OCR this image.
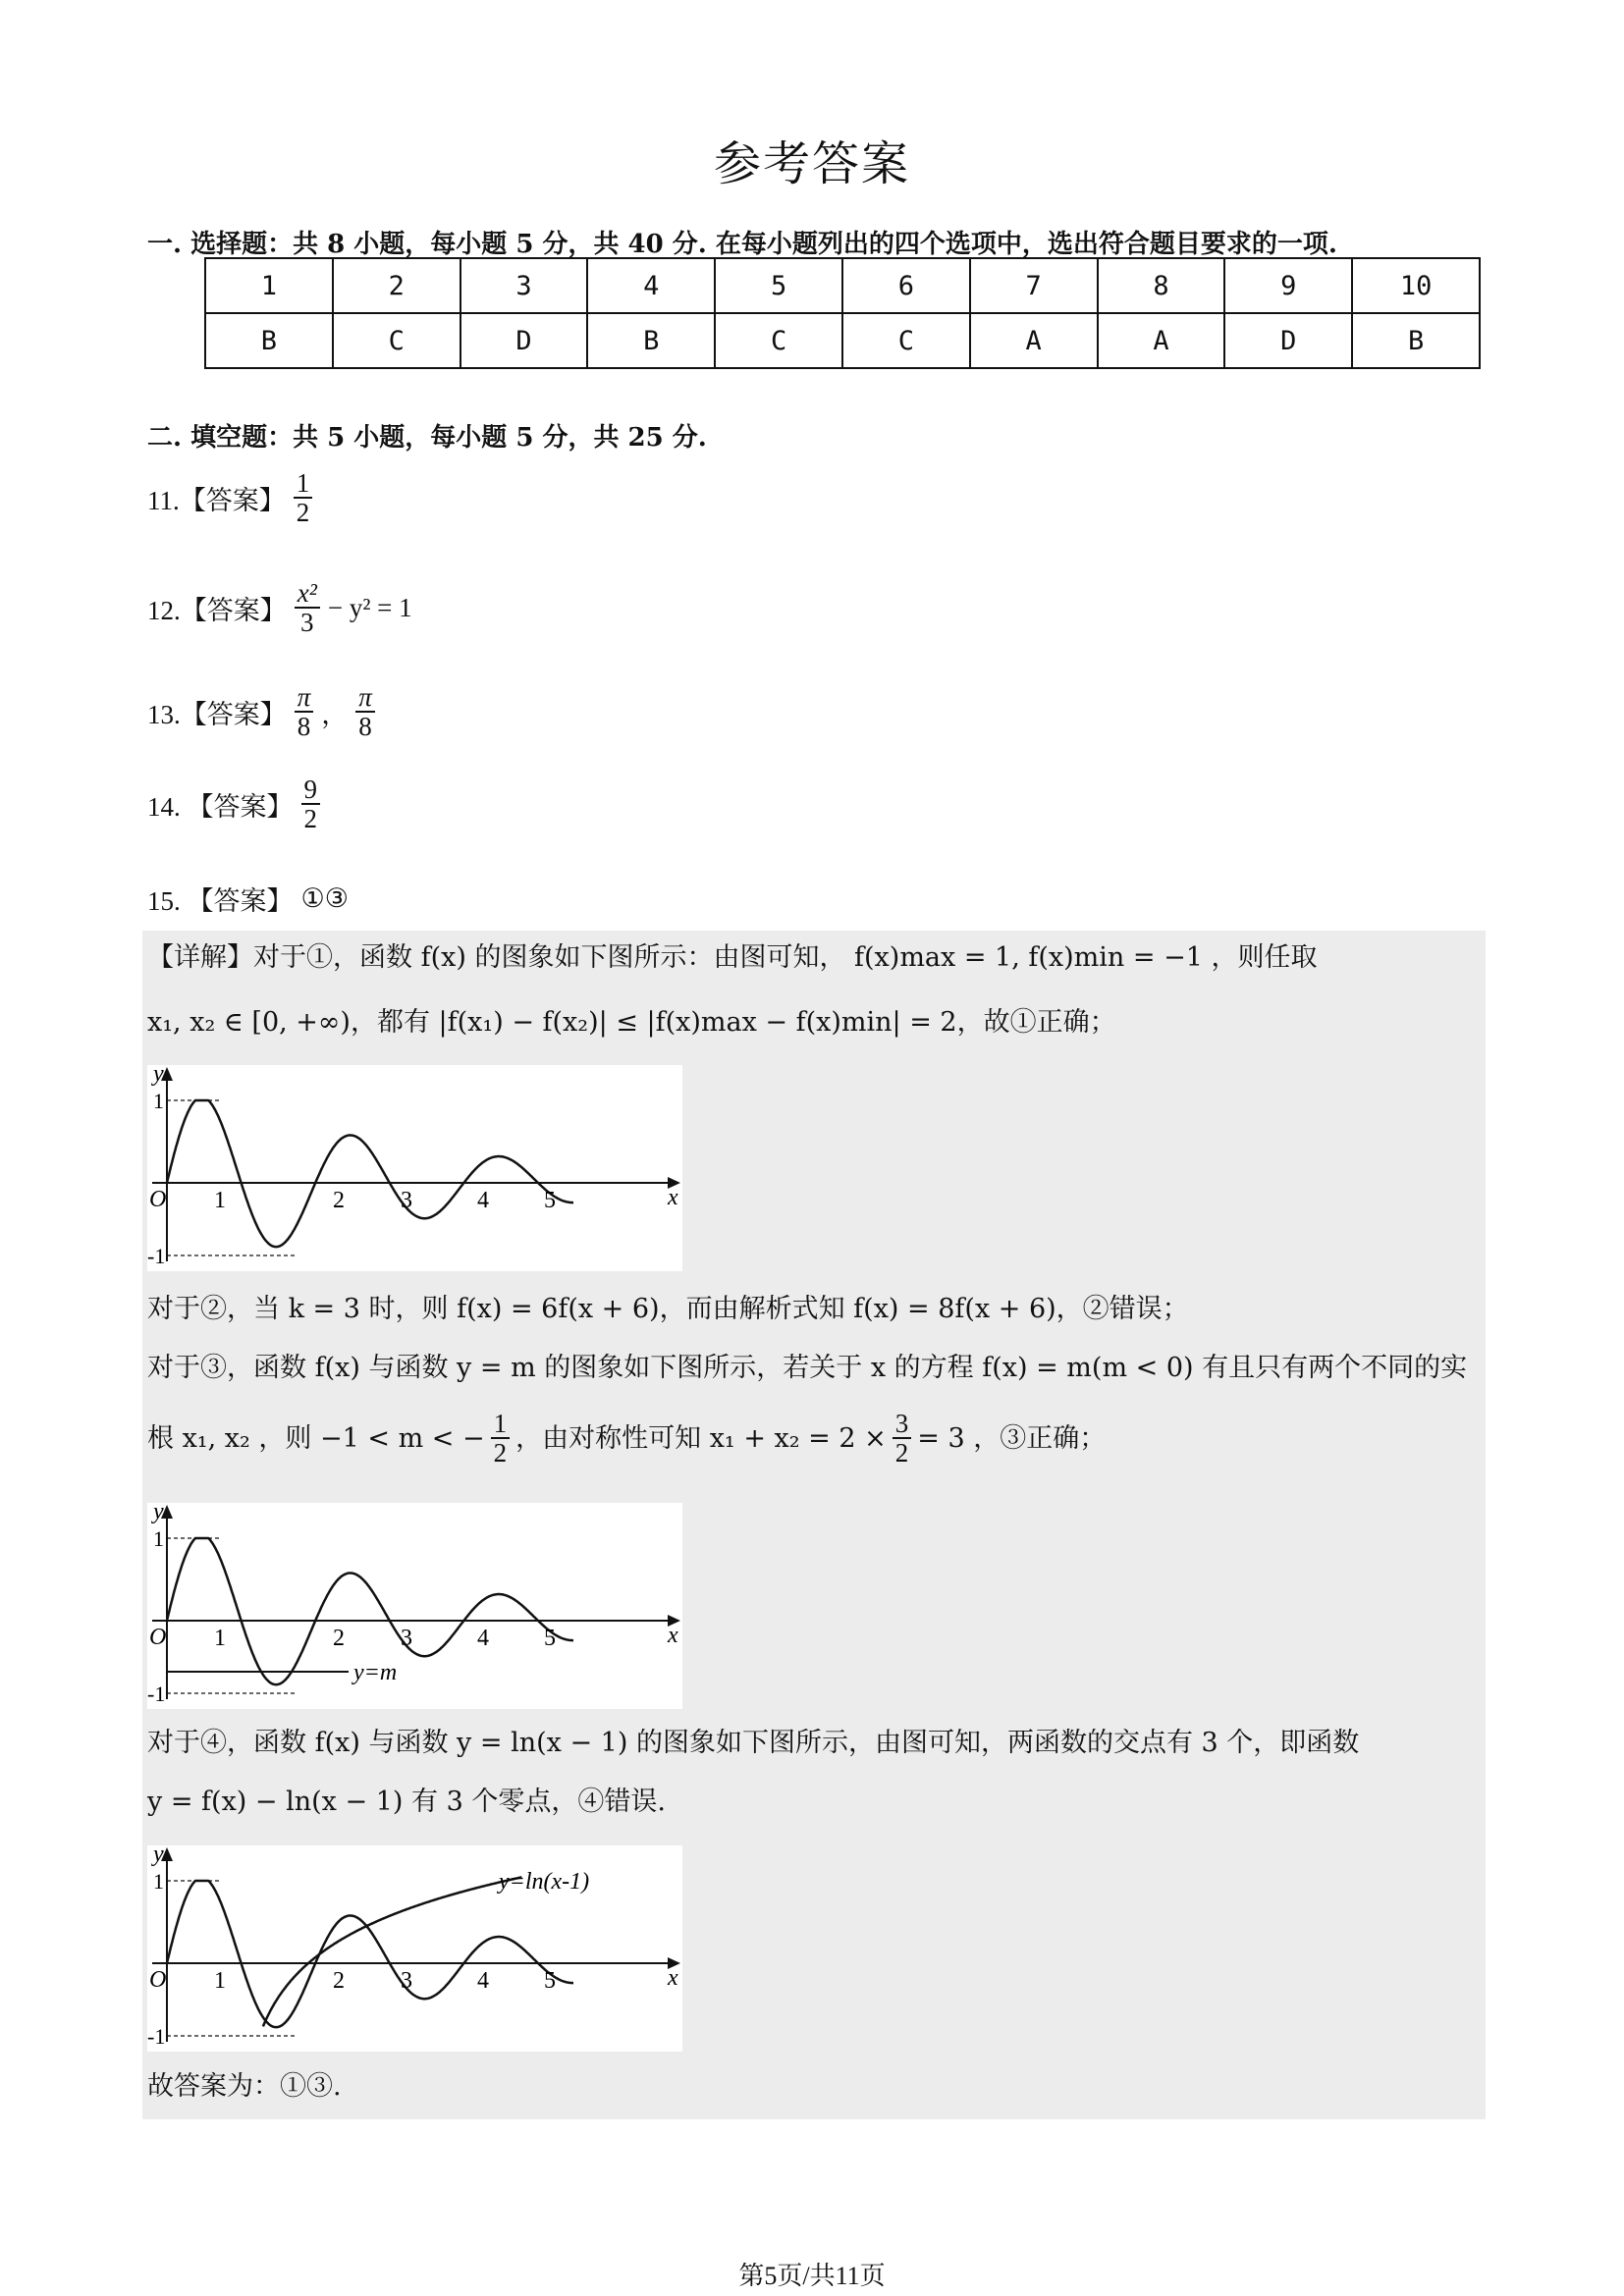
参考答案
一. 选择题：共 8 小题，每小题 5 分，共 40 分. 在每小题列出的四个选项中，选出符合题目要求的一项.
1	2	3	4	5	6	7	8	9	10
B	C	D	B	C	C	A	A	D	B
二. 填空题：共 5 小题，每小题 5 分，共 25 分.
11.【答案】 $\frac{1}{2}$
12.【答案】 $\frac{\text{x²}}{3} - y^2 = 1$
13.【答案】 $\frac{\pi}{8}$ ， $\frac{\pi}{8}$
14. 【答案】 $\frac{9}{2}$
15. 【答案】 ①③
【详解】对于①，函数 f(x) 的图象如下图所示：由图可知， f(x)max = 1, f(x)min = −1 ，则任取
x₁, x₂ ∈ [0, +∞)，都有 |f(x₁) − f(x₂)| ≤ |f(x)max − f(x)min| = 2，故①正确；
y
x
O
1
-1
1	2 3	4 5
对于②，当 k = 3 时，则 f(x) = 6f(x + 6)，而由解析式知 f(x) = 8f(x + 6)，②错误；
对于③，函数 f(x) 与函数 y = m 的图象如下图所示，若关于 x 的方程 f(x) = m(m < 0) 有且只有两个不同的实
根 x₁, x₂ ，则 −1 < m < − $\frac{1}{2}$ ，由对称性可知 $x_1 + x_2 = 2 \times \frac{3}{2} = 3$ ，③正确；
y=m
y
x
O
1
-1
1	2 3	4 5
对于④，函数 f(x) 与函数 y = ln(x − 1) 的图象如下图所示，由图可知，两函数的交点有 3 个，即函数
y = f(x) − ln(x − 1) 有 3 个零点，④错误.
y=ln(x-1)
y
x
O
1
-1
1	2 3	4 5
故答案为：①③.
第5页/共11页
